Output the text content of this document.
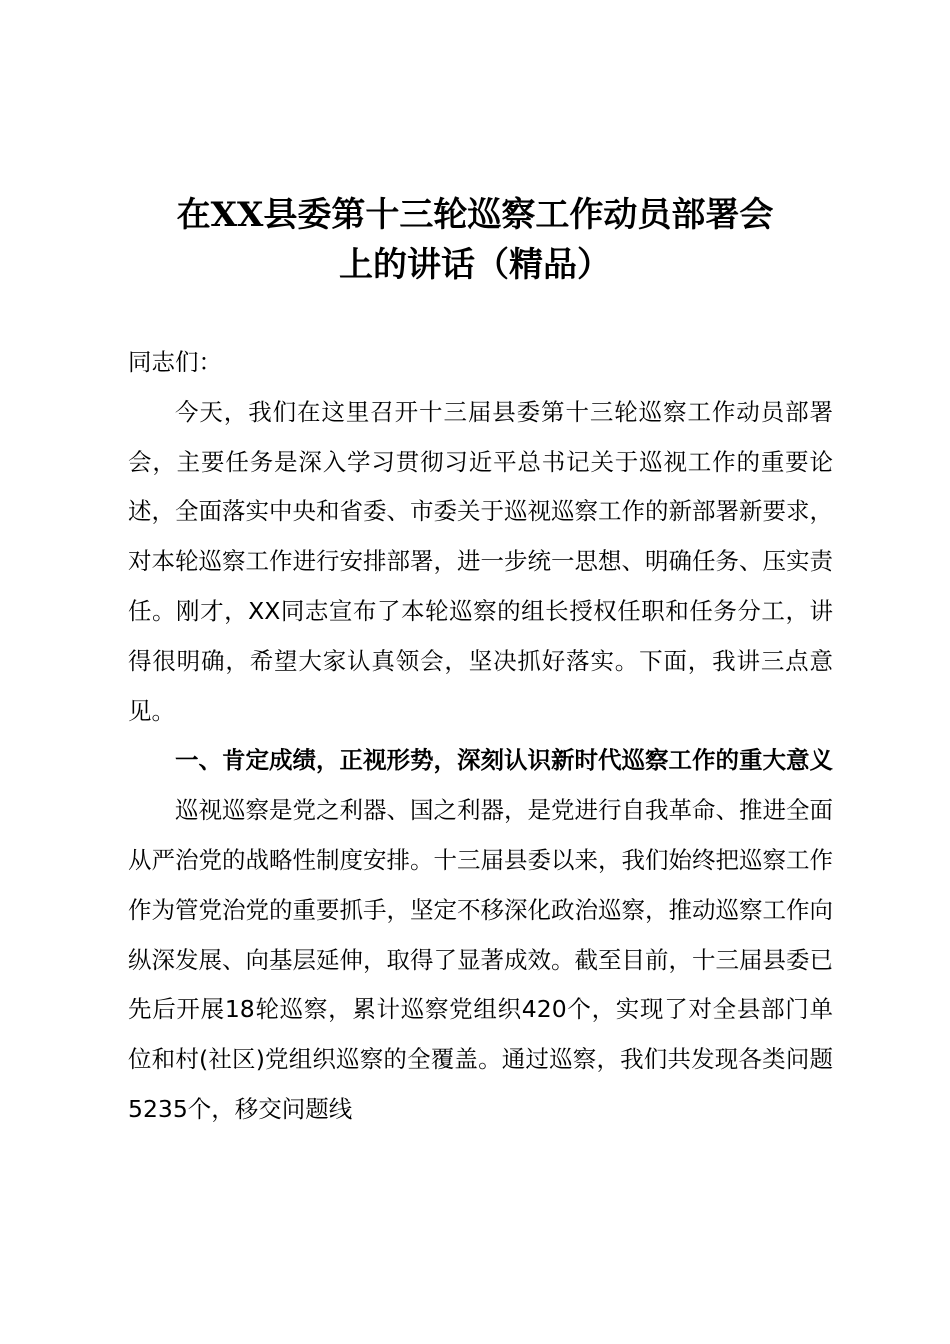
在XX县委第十三轮巡察工作动员部署会
上的讲话（精品）

同志们：

今天，我们在这里召开十三届县委第十三轮巡察工作动员部署会，主要任务是深入学习贯彻习近平总书记关于巡视工作的重要论述，全面落实中央和省委、市委关于巡视巡察工作的新部署新要求，对本轮巡察工作进行安排部署，进一步统一思想、明确任务、压实责任。刚才，XX同志宣布了本轮巡察的组长授权任职和任务分工，讲得很明确，希望大家认真领会，坚决抓好落实。下面，我讲三点意见。

一、肯定成绩，正视形势，深刻认识新时代巡察工作的重大意义

巡视巡察是党之利器、国之利器，是党进行自我革命、推进全面从严治党的战略性制度安排。十三届县委以来，我们始终把巡察工作作为管党治党的重要抓手，坚定不移深化政治巡察，推动巡察工作向纵深发展、向基层延伸，取得了显著成效。截至目前，十三届县委已先后开展18轮巡察，累计巡察党组织420个，实现了对全县部门单位和村(社区)党组织巡察的全覆盖。通过巡察，我们共发现各类问题5235个，移交问题线
